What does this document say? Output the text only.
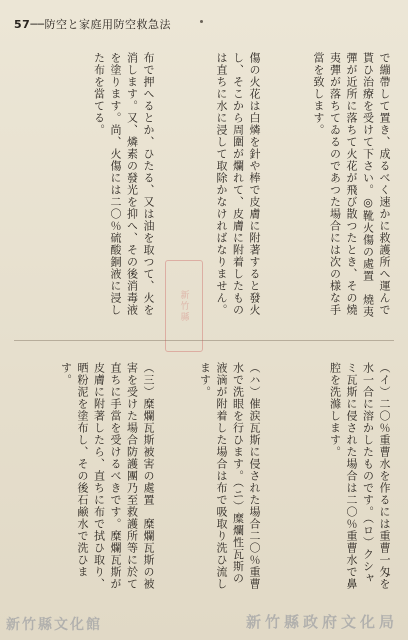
57──防空と家庭用防空救急法
で繃帶して置き、成るべく速かに救護所へ運んで貰ひ治療を受けて下さい。◎靴火傷の處置　燒夷彈が近所に落ちて火花が飛び散つたとき、その燒夷彈が落ちてゐるのであつた場合には次の様な手當を致します。
傷の火花は白燐を針や棒で皮膚に附著すると發火し、そこから周圍が爛れて、皮膚に附着したものは直ちに水に浸して取除かなければなりません。
布で押へるとか、ひたる、又は油を取つて、火を消します。又、燐素の發光を抑へ、その後消毒液を塗ります。尚、火傷には二〇％硫酸銅液に浸した布を當てる。
（イ）二〇％重曹水を作るには重曹一匁を水一合に溶かしたものです。（ロ）クシャミ瓦斯に侵された場合は二〇％重曹水で鼻腔を洗滌します。
（ハ）催涙瓦斯に侵された場合二〇％重曹水で洗眼を行ひます。（ニ）糜爛性瓦斯の液滴が附着した場合は布で吸取り洗ひ流します。
（三）糜爛瓦斯被害の處置　糜爛瓦斯の被害を受けた場合防護團乃至救護所等に於て直ちに手當を受けるべきです。糜爛瓦斯が皮膚に附著したら、直ちに布で拭ひ取り、晒粉泥を塗布し、その後石鹸水で洗ひます。
新竹縣
新竹縣文化館	新竹縣政府文化局
